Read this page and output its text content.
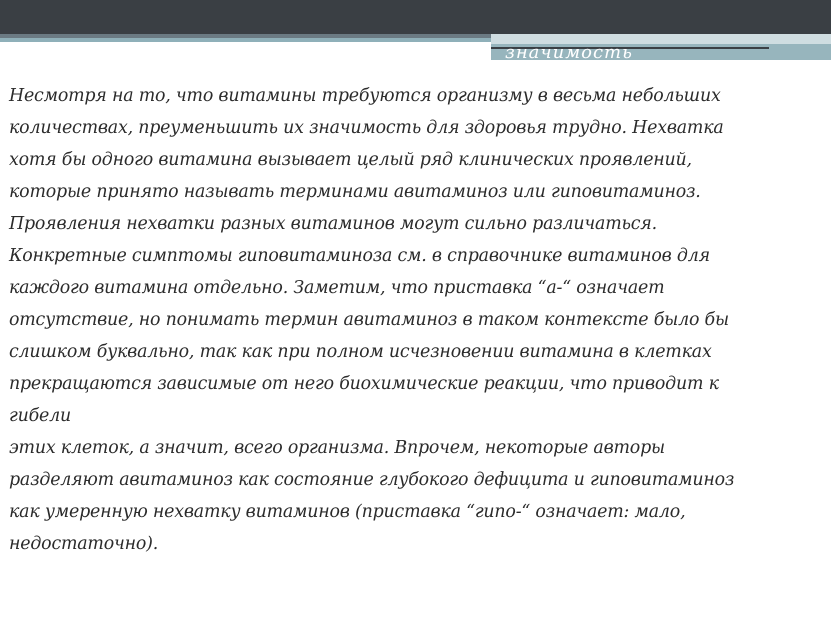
значимость

Несмотря на то, что витамины требуются организму в весьма небольших
количествах, преуменьшить их значимость для здоровья трудно. Нехватка
хотя бы одного витамина вызывает целый ряд клинических проявлений,
которые принято называть терминами авитаминоз или гиповитаминоз.
Проявления нехватки разных витаминов могут сильно различаться.
Конкретные симптомы гиповитаминоза см. в справочнике витаминов для
каждого витамина отдельно. Заметим, что приставка “а-“ означает
отсутствие, но понимать термин авитаминоз в таком контексте было бы
слишком буквально, так как при полном исчезновении витамина в клетках
прекращаются зависимые от него биохимические реакции, что приводит к
гибели
этих клеток, а значит, всего организма. Впрочем, некоторые авторы
разделяют авитаминоз как состояние глубокого дефицита и гиповитаминоз
как умеренную нехватку витаминов (приставка “гипо-“ означает: мало,
недостаточно).
